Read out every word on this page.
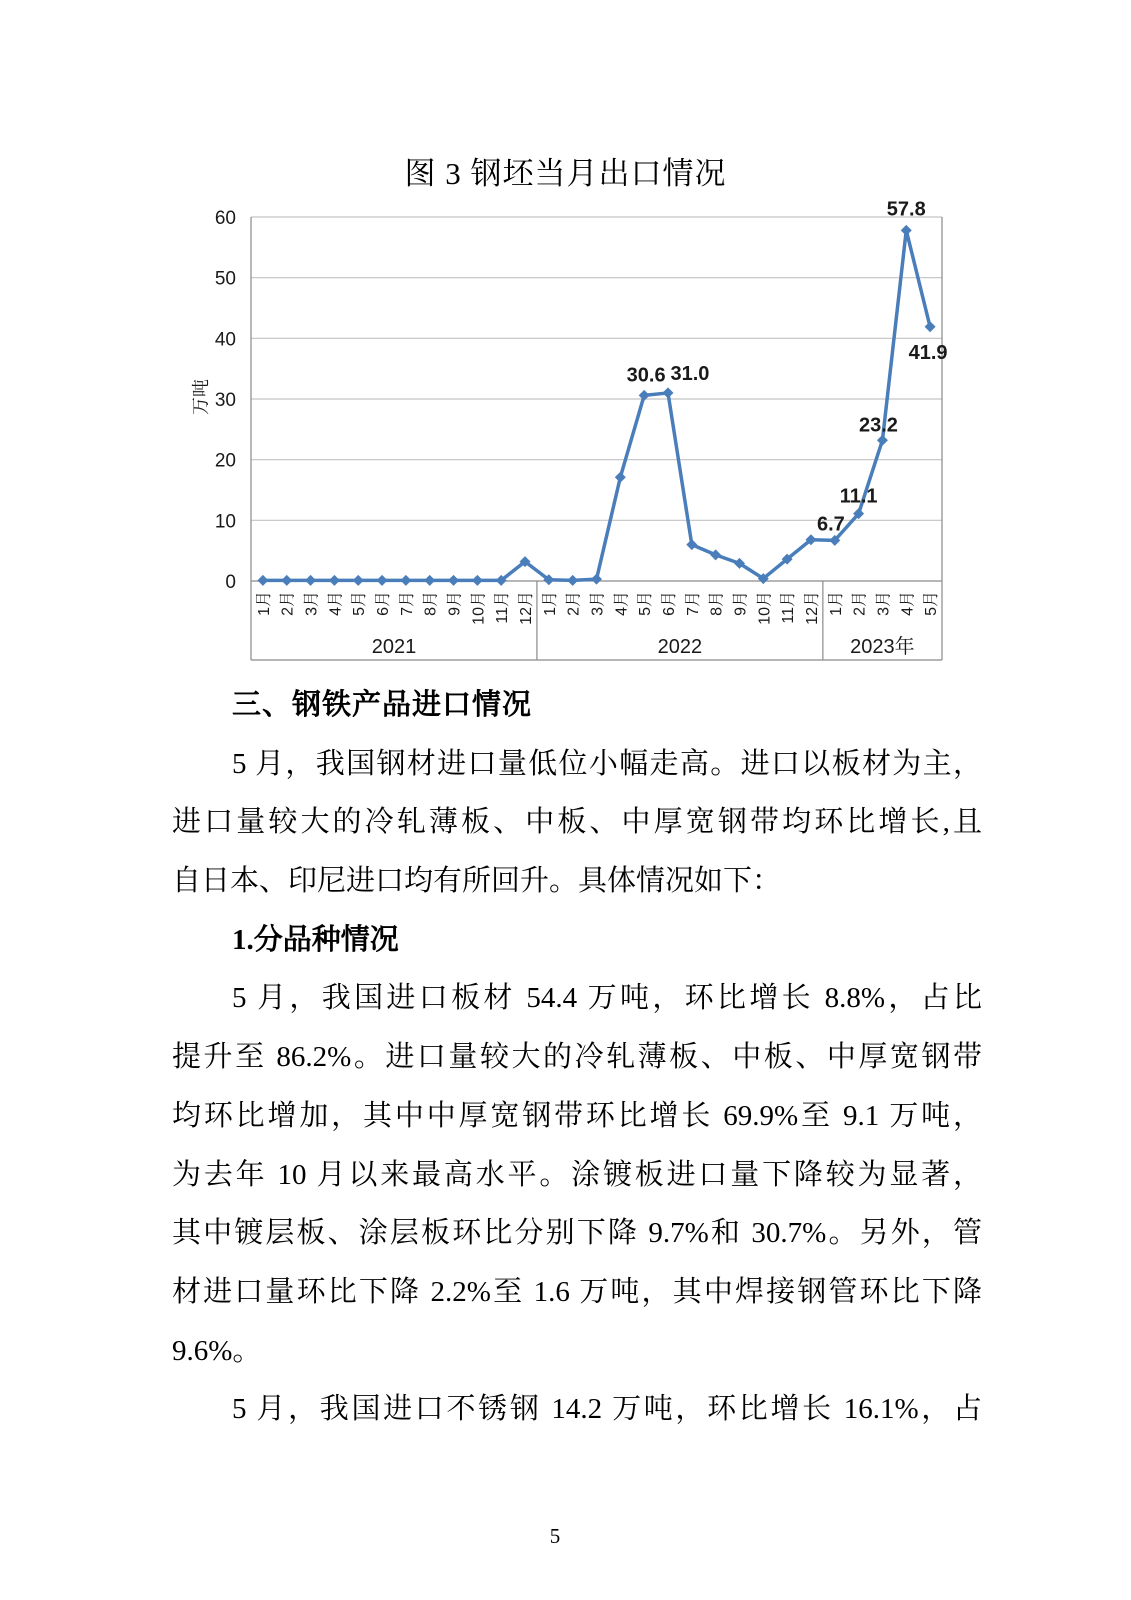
图 3 钢坯当月出口情况
0
10
20
30
40
50
60
万吨
1月 2月 3月 4月 5月 6月 7月 8月 9月 10月 11月 12月
2021
1月 2月 3月 4月 5月 6月 7月 8月 9月 10月 11月 12月
2022
1月 2月 3月 4月 5月
2023年
30.6 31.0
6.7
11.1
23.2
57.8
41.9
三、钢铁产品进口情况
5 月，我国钢材进口量低位小幅走高。进口以板材为主，
进口量较大的冷轧薄板、中板、中厚宽钢带均环比增长,且
自日本、印尼进口均有所回升。具体情况如下：
1.分品种情况
5 月，我国进口板材 54.4 万吨，环比增长 8.8%，占比
提升至 86.2%。进口量较大的冷轧薄板、中板、中厚宽钢带
均环比增加，其中中厚宽钢带环比增长 69.9%至 9.1 万吨，
为去年 10 月以来最高水平。涂镀板进口量下降较为显著，
其中镀层板、涂层板环比分别下降 9.7%和 30.7%。另外，管
材进口量环比下降 2.2%至 1.6 万吨，其中焊接钢管环比下降
9.6%。
5 月，我国进口不锈钢 14.2 万吨，环比增长 16.1%，占
5
